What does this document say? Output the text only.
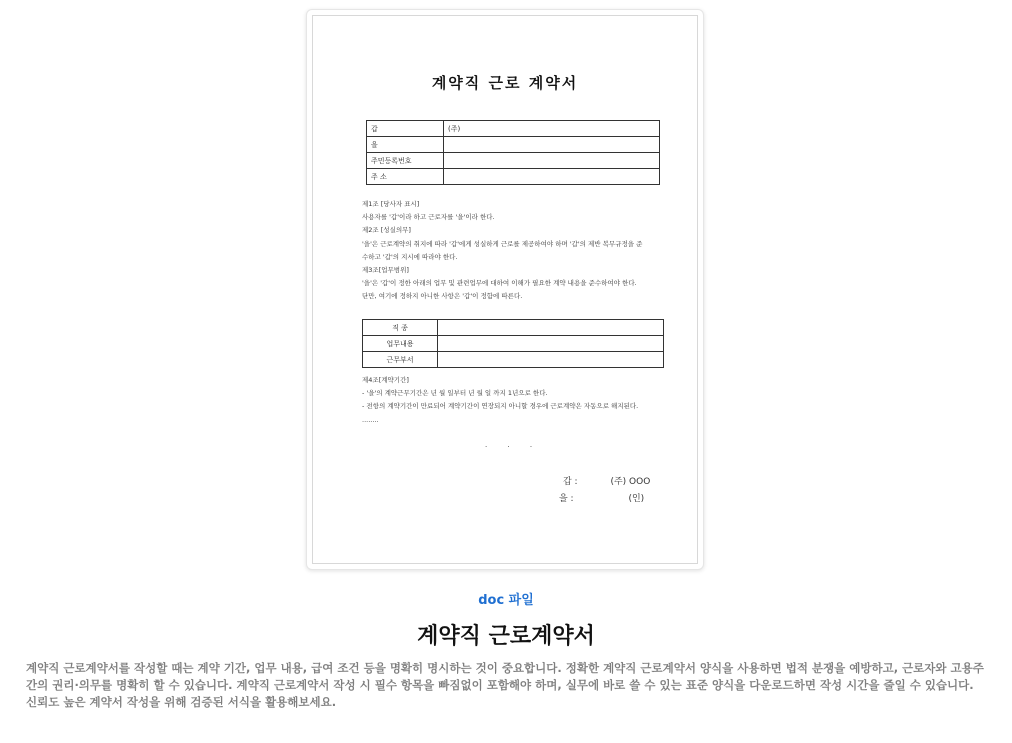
계약직 근로 계약서
갑	(주)
을	
주민등록번호	
주 소	
제1조 [당사자 표시]
사용자를 '갑'이라 하고 근로자를 '을'이라 한다.
제2조 [성실의무]
'을'은 근로계약의 취지에 따라 '갑'에게 성실하게 근로를 제공하여야 하며 '갑'의 제반 복무규정을 준
수하고 '갑'의 지시에 따라야 한다.
제3조[업무범위]
'을'은 '갑'이 정한 아래의 업무 및 관련업무에 대하여 이해가 필요한 계약 내용을 준수하여야 한다.
단만, 여기에 정하지 아니한 사항은 '갑'이 정함에 따른다.
직 종	
업무내용	
근무부서	
제4조[계약기간]
- '을'의 계약근무기간은 년 월 일부터 년 월 일 까지 1년으로 한다.
- 전항의 계약기간이 만료되어 계약기간이 연장되지 아니할 경우에 근로계약은 자동으로 해지된다.
........
. . .
갑 :	(주) OOO
을 :	(인)
doc 파일
계약직 근로계약서
계약직 근로계약서를 작성할 때는 계약 기간, 업무 내용, 급여 조건 등을 명확히 명시하는 것이 중요합니다. 정확한 계약직 근로계약서 양식을 사용하면 법적 분쟁을 예방하고, 근로자와 고용주 간의 권리·의무를 명확히 할 수 있습니다. 계약직 근로계약서 작성 시 필수 항목을 빠짐없이 포함해야 하며, 실무에 바로 쓸 수 있는 표준 양식을 다운로드하면 작성 시간을 줄일 수 있습니다. 신뢰도 높은 계약서 작성을 위해 검증된 서식을 활용해보세요.
